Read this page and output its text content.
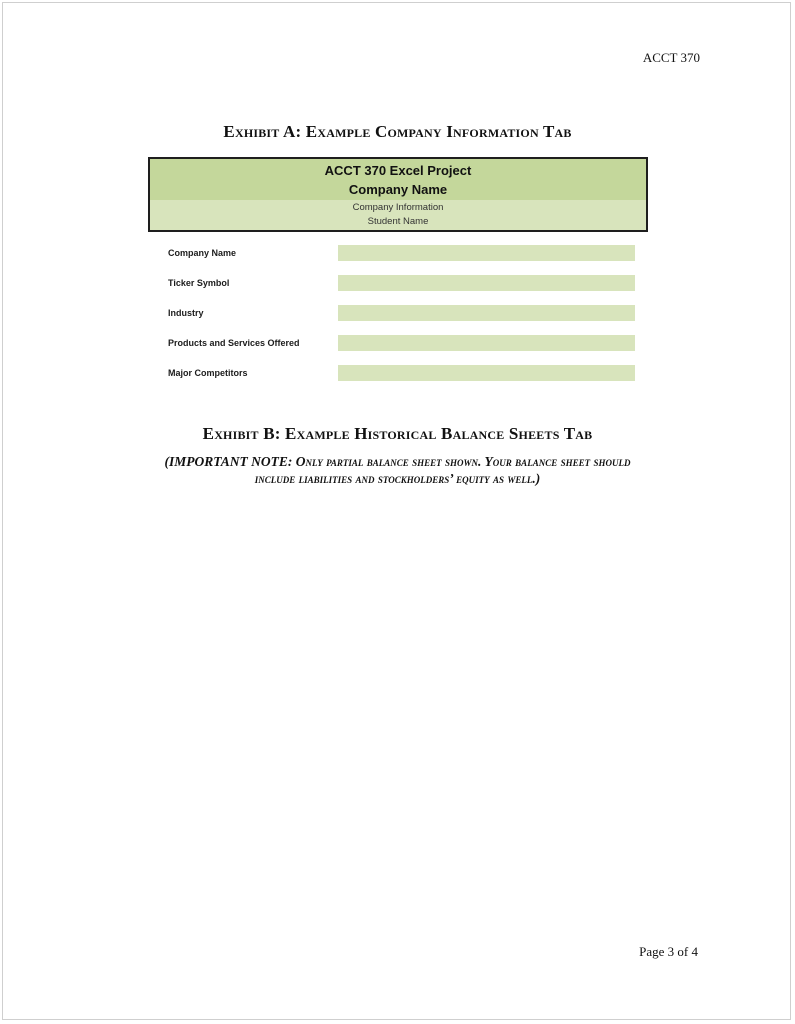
ACCT 370
Exhibit A: Example Company Information Tab
ACCT 370 Excel Project
Company Name
Company Information
Student Name
Company Name
Ticker Symbol
Industry
Products and Services Offered
Major Competitors
Exhibit B: Example Historical Balance Sheets Tab
(IMPORTANT NOTE: Only partial balance sheet shown. Your balance sheet should
include liabilities and stockholders’ equity as well.)
Page 3 of 4
